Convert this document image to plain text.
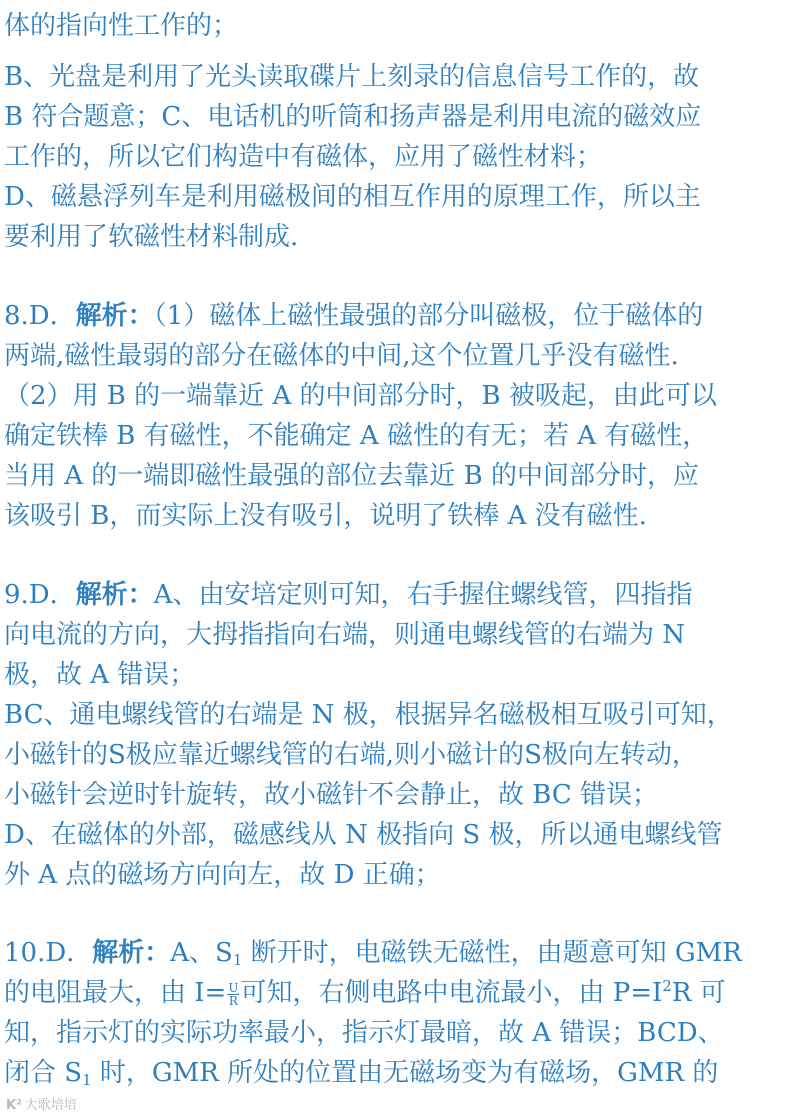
体的指向性工作的；

B、光盘是利用了光头读取碟片上刻录的信息信号工作的，故

B 符合题意；C、电话机的听筒和扬声器是利用电流的磁效应

工作的，所以它们构造中有磁体，应用了磁性材料；

D、磁悬浮列车是利用磁极间的相互作用的原理工作，所以主

要利用了软磁性材料制成.

8.D．解析：（1）磁体上磁性最强的部分叫磁极，位于磁体的

两端,磁性最弱的部分在磁体的中间,这个位置几乎没有磁性.

（2）用 B 的一端靠近 A 的中间部分时，B 被吸起，由此可以

确定铁棒 B 有磁性，不能确定 A 磁性的有无；若 A 有磁性，

当用 A 的一端即磁性最强的部位去靠近 B 的中间部分时，应

该吸引 B，而实际上没有吸引，说明了铁棒 A 没有磁性.

9.D．解析：A、由安培定则可知，右手握住螺线管，四指指

向电流的方向，大拇指指向右端，则通电螺线管的右端为 N

极，故 A 错误；

BC、通电螺线管的右端是 N 极，根据异名磁极相互吸引可知，

小磁针的S极应靠近螺线管的右端,则小磁计的S极向左转动，

小磁针会逆时针旋转，故小磁针不会静止，故 BC 错误；

D、在磁体的外部，磁感线从 N 极指向 S 极，所以通电螺线管

外 A 点的磁场方向向左，故 D 正确；

10.D．解析：A、$S_1$ 断开时，电磁铁无磁性，由题意可知 GMR

的电阻最大，由 $I= \frac{U}{R}$ 可知，右侧电路中电流最小，由 $P=I^2R$ 可

知，指示灯的实际功率最小，指示灯最暗，故 A 错误；BCD、

闭合 $S_1$ 时，GMR 所处的位置由无磁场变为有磁场，GMR 的

K² 大歌培培
